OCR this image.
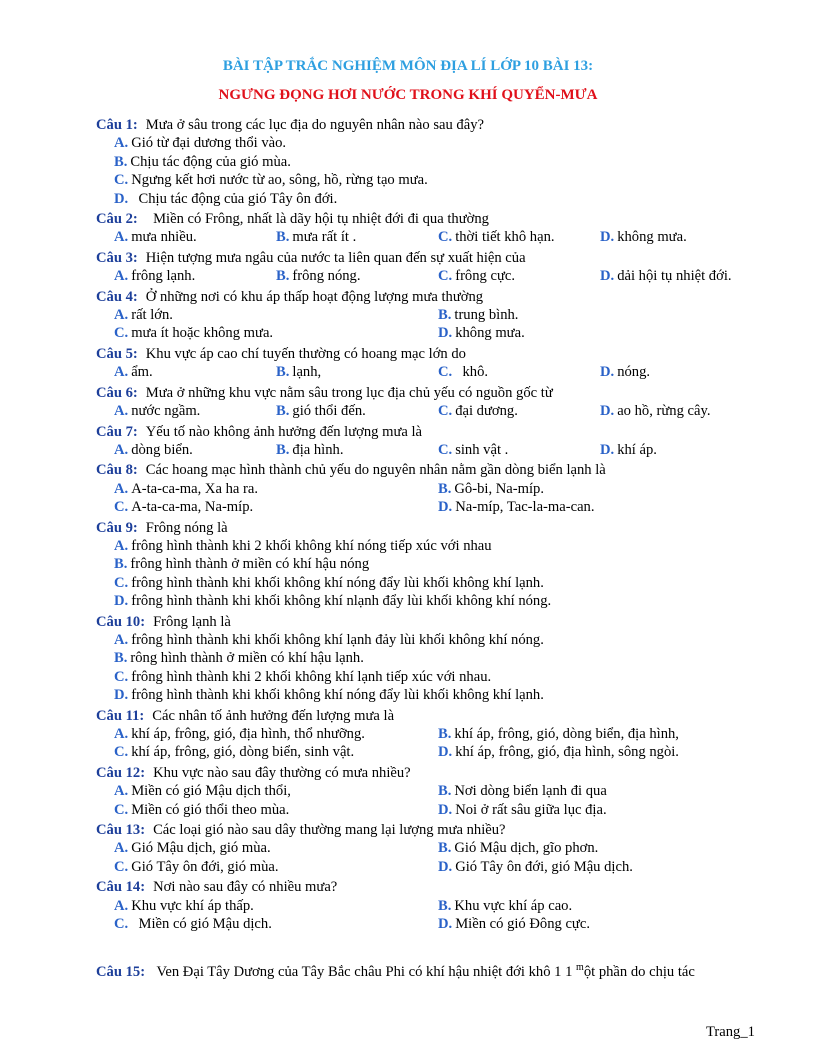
BÀI TẬP TRẮC NGHIỆM MÔN ĐỊA LÍ LỚP 10 BÀI 13:
NGƯNG ĐỌNG HƠI NƯỚC TRONG KHÍ QUYỂN-MƯA
Câu 1: Mưa ở sâu trong các lục địa do nguyên nhân nào sau đây?
A. Gió từ đại dương thổi vào.
B. Chịu tác động của gió mùa.
C. Ngưng kết hơi nước từ ao, sông, hồ, rừng tạo mưa.
D.  Chịu tác động của gió Tây ôn đới.
Câu 2:  Miền có Frông, nhất là dãy hội tụ nhiệt đới đi qua thường
A. mưa nhiều.	B. mưa rất ít .	C. thời tiết khô hạn.	D. không mưa.
Câu 3: Hiện tượng mưa ngâu của nước ta liên quan đến sự xuất hiện của
A. frông lạnh.	B. frông nóng.	C. frông cực.	D. dải hội tụ nhiệt đới.
Câu 4: Ở những nơi có khu áp thấp hoạt động lượng mưa thường
A. rất lớn.	B. trung bình.
C. mưa ít hoặc không mưa.	D. không mưa.
Câu 5: Khu vực áp cao chí tuyến thường có hoang mạc lớn do
A. ẩm.	B. lạnh,	C.  khô.	D. nóng.
Câu 6: Mưa ở những khu vực nằm sâu trong lục địa chủ yếu có nguồn gốc từ
A. nước ngầm.	B. gió thổi đến.	C. đại dương.	D. ao hồ, rừng cây.
Câu 7: Yếu tố nào không ảnh hưởng đến lượng mưa là
A. dòng biển.	B. địa hình.	C. sinh vật .	D. khí áp.
Câu 8: Các hoang mạc hình thành chủ yếu do nguyên nhân nằm gần dòng biển lạnh là
A. A-ta-ca-ma, Xa ha ra.	B. Gô-bi, Na-míp.
C. A-ta-ca-ma, Na-míp.	D. Na-míp, Tac-la-ma-can.
Câu 9: Frông nóng là
A. frông hình thành khi 2 khối không khí nóng tiếp xúc với nhau
B. frông hình thành ở miền có khí hậu nóng
C. frông hình thành khi khối không khí nóng đẩy lùi khối không khí lạnh.
D. frông hình thành khi khối không khí nlạnh đẩy lùi khối không khí nóng.
Câu 10: Frông lạnh là
A. frông hình thành khi khối không khí lạnh đảy lùi khối không khí nóng.
B. rông hình thành ở miền có khí hậu lạnh.
C. frông hình thành khi 2 khối không khí lạnh tiếp xúc với nhau.
D. frông hình thành khi khối không khí nóng đẩy lùi khối không khí lạnh.
Câu 11: Các nhân tố ảnh hưởng đến lượng mưa là
A. khí áp, frông, gió, địa hình, thổ nhưỡng.	B. khí áp, frông, gió, dòng biển, địa hình,
C. khí áp, frông, gió, dòng biển, sinh vật.	D. khí áp, frông, gió, địa hình, sông ngòi.
Câu 12: Khu vực nào sau đây thường có mưa nhiều?
A. Miền có gió Mậu dịch thổi,	B. Nơi dòng biển lạnh đi qua
C. Miền có gió thổi theo mùa.	D. Noi ở rất sâu giữa lục địa.
Câu 13: Các loại gió nào sau dây thường mang lại lượng mưa nhiều?
A. Gió Mậu dịch, gió mùa.	B. Gió Mậu dịch, gĩo phơn.
C. Gió Tây ôn đới, gió mùa.	D. Gió Tây ôn đới, gió Mậu dịch.
Câu 14: Nơi nào sau đây có nhiều mưa?
A. Khu vực khí áp thấp.	B. Khu vực khí áp cao.
C.  Miền có gió Mậu dịch.	D. Miền có gió Đông cực.
Câu 15: Ven Đại Tây Dương của Tây Bắc châu Phi có khí hậu nhiệt đới khô 1 1 $^m$ột phần do chịu tác
Trang_1
